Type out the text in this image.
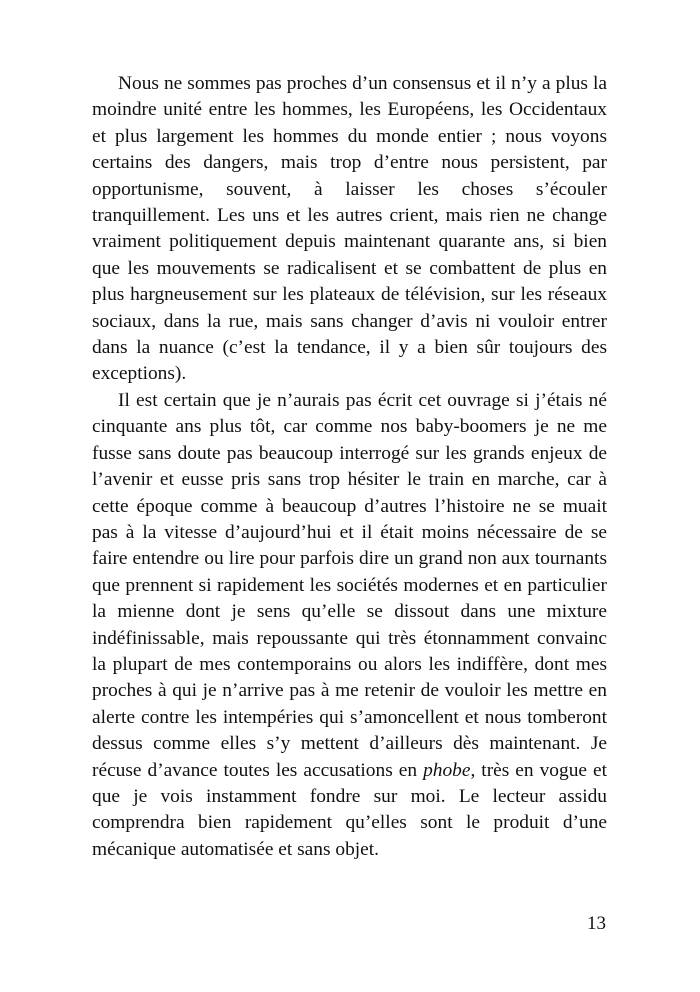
Nous ne sommes pas proches d’un consensus et il n’y a plus la moindre unité entre les hommes, les Européens, les Occidentaux et plus largement les hommes du monde entier ; nous voyons certains des dangers, mais trop d’entre nous persistent, par opportunisme, souvent, à laisser les choses s’écouler tranquillement. Les uns et les autres crient, mais rien ne change vraiment politiquement depuis maintenant quarante ans, si bien que les mouvements se radicalisent et se combattent de plus en plus hargneusement sur les plateaux de télévision, sur les réseaux sociaux, dans la rue, mais sans changer d’avis ni vouloir entrer dans la nuance (c’est la tendance, il y a bien sûr toujours des exceptions).

Il est certain que je n’aurais pas écrit cet ouvrage si j’étais né cinquante ans plus tôt, car comme nos baby-boomers je ne me fusse sans doute pas beaucoup interrogé sur les grands enjeux de l’avenir et eusse pris sans trop hésiter le train en marche, car à cette époque comme à beaucoup d’autres l’histoire ne se muait pas à la vitesse d’aujourd’hui et il était moins nécessaire de se faire entendre ou lire pour parfois dire un grand non aux tournants que prennent si rapidement les sociétés modernes et en particulier la mienne dont je sens qu’elle se dissout dans une mixture indéfinissable, mais repoussante qui très étonnamment convainc la plupart de mes contemporains ou alors les indiffère, dont mes proches à qui je n’arrive pas à me retenir de vouloir les mettre en alerte contre les intempéries qui s’amoncellent et nous tomberont dessus comme elles s’y mettent d’ailleurs dès maintenant. Je récuse d’avance toutes les accusations en phobe, très en vogue et que je vois instamment fondre sur moi. Le lecteur assidu comprendra bien rapidement qu’elles sont le produit d’une mécanique automatisée et sans objet.

13
